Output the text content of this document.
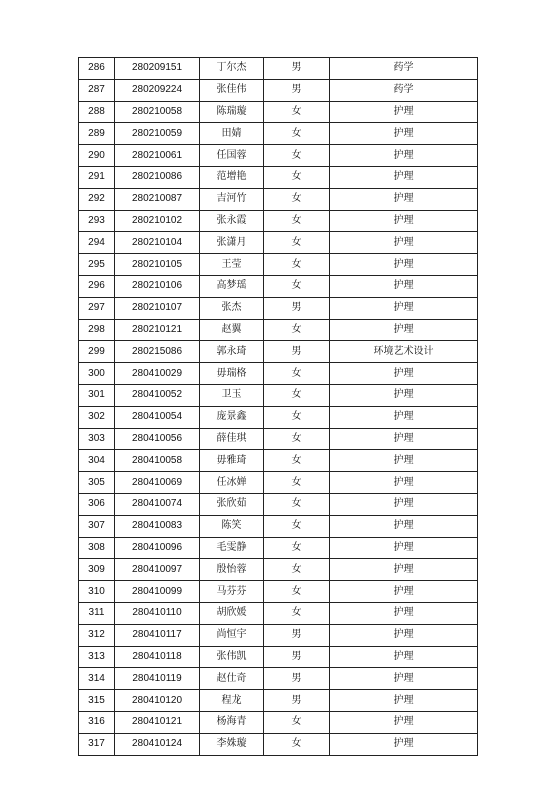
286	280209151	丁尔杰	男	药学
287	280209224	张佳伟	男	药学
288	280210058	陈瑞璇	女	护理
289	280210059	田婧	女	护理
290	280210061	任国蓉	女	护理
291	280210086	范增艳	女	护理
292	280210087	吉河竹	女	护理
293	280210102	张永霞	女	护理
294	280210104	张潇月	女	护理
295	280210105	王莹	女	护理
296	280210106	高梦瑶	女	护理
297	280210107	张杰	男	护理
298	280210121	赵翼	女	护理
299	280215086	郭永琦	男	环境艺术设计
300	280410029	毋瑞格	女	护理
301	280410052	卫玉	女	护理
302	280410054	庞景鑫	女	护理
303	280410056	薛佳琪	女	护理
304	280410058	毋雅琦	女	护理
305	280410069	任冰婵	女	护理
306	280410074	张欣茹	女	护理
307	280410083	陈笑	女	护理
308	280410096	毛雯静	女	护理
309	280410097	殷怡蓉	女	护理
310	280410099	马芬芬	女	护理
311	280410110	胡欣媛	女	护理
312	280410117	尚恒宇	男	护理
313	280410118	张伟凯	男	护理
314	280410119	赵仕奇	男	护理
315	280410120	程龙	男	护理
316	280410121	杨海青	女	护理
317	280410124	李姝璇	女	护理
